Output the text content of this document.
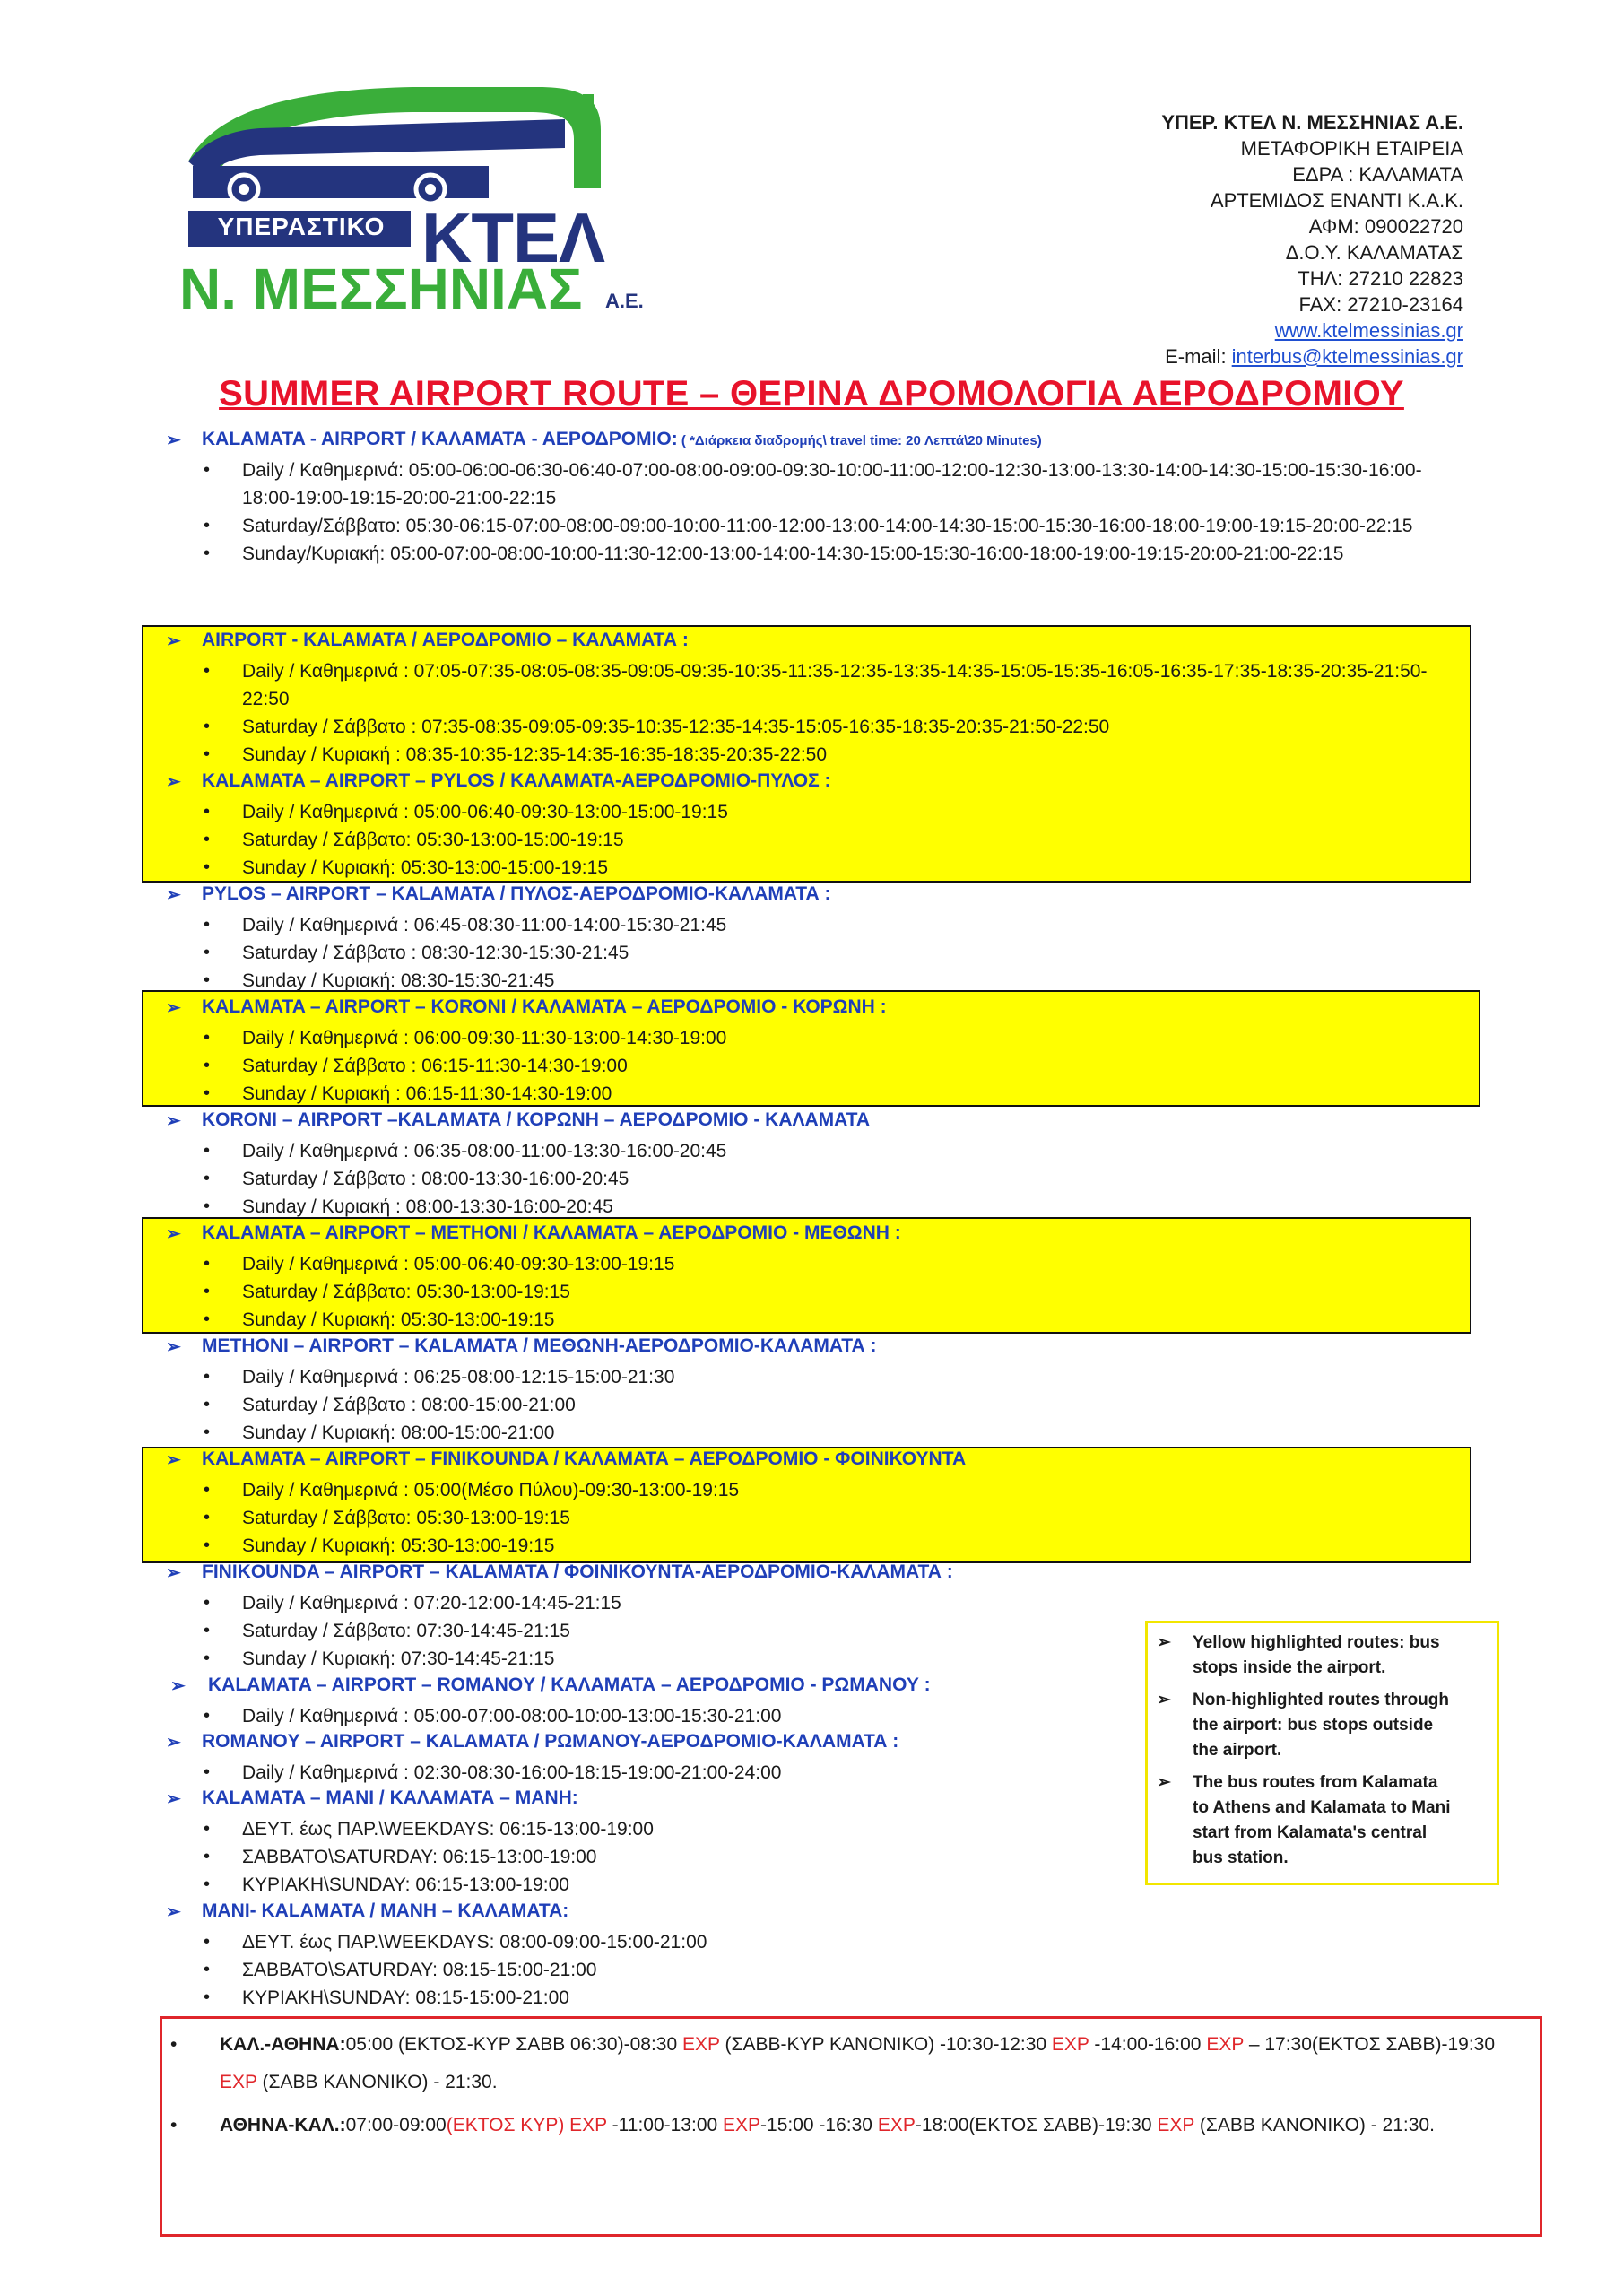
ΥΠΕΡΑΣΤΙΚΟ ΚΤΕΛ
Ν. ΜΕΣΣΗΝΙΑΣ Α.Ε.
ΥΠΕΡ. ΚΤΕΛ Ν. ΜΕΣΣΗΝΙΑΣ Α.Ε.
ΜΕΤΑΦΟΡΙΚΗ ΕΤΑΙΡΕΙΑ
ΕΔΡΑ : ΚΑΛΑΜΑΤΑ
ΑΡΤΕΜΙΔΟΣ ΕΝΑΝΤΙ Κ.Α.Κ.
ΑΦΜ: 090022720
Δ.Ο.Υ. ΚΑΛΑΜΑΤΑΣ
ΤΗΛ: 27210 22823
FAX: 27210-23164
www.ktelmessinias.gr
E-mail: interbus@ktelmessinias.gr
SUMMER AIRPORT ROUTE – ΘΕΡΙΝΑ ΔΡΟΜΟΛΟΓΙΑ ΑΕΡΟΔΡΟΜΙΟΥ
➢ KALAMATA - AIRPORT / ΚΑΛΑΜΑΤΑ - ΑΕΡΟΔΡΟΜΙΟ: ( *Διάρκεια διαδρομής\ travel time: 20 Λεπτά\20 Minutes)
• Daily / Καθημερινά: 05:00-06:00-06:30-06:40-07:00-08:00-09:00-09:30-10:00-11:00-12:00-12:30-13:00-13:30-14:00-14:30-15:00-15:30-16:00-18:00-19:00-19:15-20:00-21:00-22:15
• Saturday/Σάββατο: 05:30-06:15-07:00-08:00-09:00-10:00-11:00-12:00-13:00-14:00-14:30-15:00-15:30-16:00-18:00-19:00-19:15-20:00-22:15
• Sunday/Κυριακή: 05:00-07:00-08:00-10:00-11:30-12:00-13:00-14:00-14:30-15:00-15:30-16:00-18:00-19:00-19:15-20:00-21:00-22:15
➢ AIRPORT - KALAMATA / ΑΕΡΟΔΡΟΜΙΟ – ΚΑΛΑΜΑΤΑ :
• Daily / Καθημερινά : 07:05-07:35-08:05-08:35-09:05-09:35-10:35-11:35-12:35-13:35-14:35-15:05-15:35-16:05-16:35-17:35-18:35-20:35-21:50-22:50
• Saturday / Σάββατο : 07:35-08:35-09:05-09:35-10:35-12:35-14:35-15:05-16:35-18:35-20:35-21:50-22:50
• Sunday / Κυριακή : 08:35-10:35-12:35-14:35-16:35-18:35-20:35-22:50
➢ KALAMATA – AIRPORT – PYLOS / ΚΑΛΑΜΑΤΑ-ΑΕΡΟΔΡΟΜΙΟ-ΠΥΛΟΣ :
• Daily / Καθημερινά : 05:00-06:40-09:30-13:00-15:00-19:15
• Saturday / Σάββατο: 05:30-13:00-15:00-19:15
• Sunday / Κυριακή: 05:30-13:00-15:00-19:15
➢ PYLOS – AIRPORT – KALAMATA / ΠΥΛΟΣ-ΑΕΡΟΔΡΟΜΙΟ-ΚΑΛΑΜΑΤΑ :
• Daily / Καθημερινά : 06:45-08:30-11:00-14:00-15:30-21:45
• Saturday / Σάββατο : 08:30-12:30-15:30-21:45
• Sunday / Κυριακή: 08:30-15:30-21:45
➢ KALAMATA – AIRPORT – KORONI / ΚΑΛΑΜΑΤΑ – ΑΕΡΟΔΡΟΜΙΟ - ΚΟΡΩΝΗ :
• Daily / Καθημερινά : 06:00-09:30-11:30-13:00-14:30-19:00
• Saturday / Σάββατο : 06:15-11:30-14:30-19:00
• Sunday / Κυριακή : 06:15-11:30-14:30-19:00
➢ KORONI – AIRPORT –KALAMATA / ΚΟΡΩΝΗ – ΑΕΡΟΔΡΟΜΙΟ - ΚΑΛΑΜΑΤΑ
• Daily / Καθημερινά : 06:35-08:00-11:00-13:30-16:00-20:45
• Saturday / Σάββατο : 08:00-13:30-16:00-20:45
• Sunday / Κυριακή : 08:00-13:30-16:00-20:45
➢ KALAMATA – AIRPORT – METHONI / ΚΑΛΑΜΑΤΑ – ΑΕΡΟΔΡΟΜΙΟ - ΜΕΘΩΝΗ :
• Daily / Καθημερινά : 05:00-06:40-09:30-13:00-19:15
• Saturday / Σάββατο: 05:30-13:00-19:15
• Sunday / Κυριακή: 05:30-13:00-19:15
➢ METHONI – AIRPORT – KALAMATA / ΜΕΘΩΝΗ-ΑΕΡΟΔΡΟΜΙΟ-ΚΑΛΑΜΑΤΑ :
• Daily / Καθημερινά : 06:25-08:00-12:15-15:00-21:30
• Saturday / Σάββατο : 08:00-15:00-21:00
• Sunday / Κυριακή: 08:00-15:00-21:00
➢ KALAMATA – AIRPORT – FINIKOUNDA / ΚΑΛΑΜΑΤΑ – ΑΕΡΟΔΡΟΜΙΟ - ΦΟΙΝΙΚΟΥΝΤΑ
• Daily / Καθημερινά : 05:00(Μέσο Πύλου)-09:30-13:00-19:15
• Saturday / Σάββατο: 05:30-13:00-19:15
• Sunday / Κυριακή: 05:30-13:00-19:15
➢ FINIKOUNDA – AIRPORT – KALAMATA / ΦΟΙΝΙΚΟΥΝΤΑ-ΑΕΡΟΔΡΟΜΙΟ-ΚΑΛΑΜΑΤΑ :
• Daily / Καθημερινά : 07:20-12:00-14:45-21:15
• Saturday / Σάββατο: 07:30-14:45-21:15
• Sunday / Κυριακή: 07:30-14:45-21:15
➢ KALAMATA – AIRPORT – ROMANOY / ΚΑΛΑΜΑΤΑ – ΑΕΡΟΔΡΟΜΙΟ - ΡΩΜΑΝΟΥ :
• Daily / Καθημερινά : 05:00-07:00-08:00-10:00-13:00-15:30-21:00
➢ ROMANOY – AIRPORT – KALAMATA / ΡΩΜΑΝΟΥ-ΑΕΡΟΔΡΟΜΙΟ-ΚΑΛΑΜΑΤΑ :
• Daily / Καθημερινά : 02:30-08:30-16:00-18:15-19:00-21:00-24:00
➢ KALAMATA – MANI / ΚΑΛΑΜΑΤΑ – ΜΑΝΗ:
• ΔΕΥΤ. έως ΠΑΡ.\WEEKDAYS: 06:15-13:00-19:00
• ΣΑΒΒΑΤΟ\SATURDAY: 06:15-13:00-19:00
• ΚΥΡΙΑΚΗ\SUNDAY: 06:15-13:00-19:00
➢ MANI- KALAMATA / ΜΑΝΗ – ΚΑΛΑΜΑΤΑ:
• ΔΕΥΤ. έως ΠΑΡ.\WEEKDAYS: 08:00-09:00-15:00-21:00
• ΣΑΒΒΑΤΟ\SATURDAY: 08:15-15:00-21:00
• ΚΥΡΙΑΚΗ\SUNDAY: 08:15-15:00-21:00
➢ Yellow highlighted routes: bus stops inside the airport.
➢ Non-highlighted routes through the airport: bus stops outside the airport.
➢ The bus routes from Kalamata to Athens and Kalamata to Mani start from Kalamata's central bus station.
• ΚΑΛ.-ΑΘΗΝΑ:05:00 (ΕΚΤΟΣ-ΚΥΡ ΣΑΒΒ 06:30)-08:30 EXP (ΣΑΒΒ-ΚΥΡ ΚΑΝΟΝΙΚΟ) -10:30-12:30 EXP -14:00-16:00 EXP – 17:30(ΕΚΤΟΣ ΣΑΒΒ)-19:30 EXP (ΣΑΒΒ ΚΑΝΟΝΙΚΟ) - 21:30.
• ΑΘΗΝΑ-ΚΑΛ.:07:00-09:00(ΕΚΤΟΣ ΚΥΡ) EXP -11:00-13:00 EXP-15:00 -16:30 EXP-18:00(ΕΚΤΟΣ ΣΑΒΒ)-19:30 EXP (ΣΑΒΒ ΚΑΝΟΝΙΚΟ) - 21:30.
